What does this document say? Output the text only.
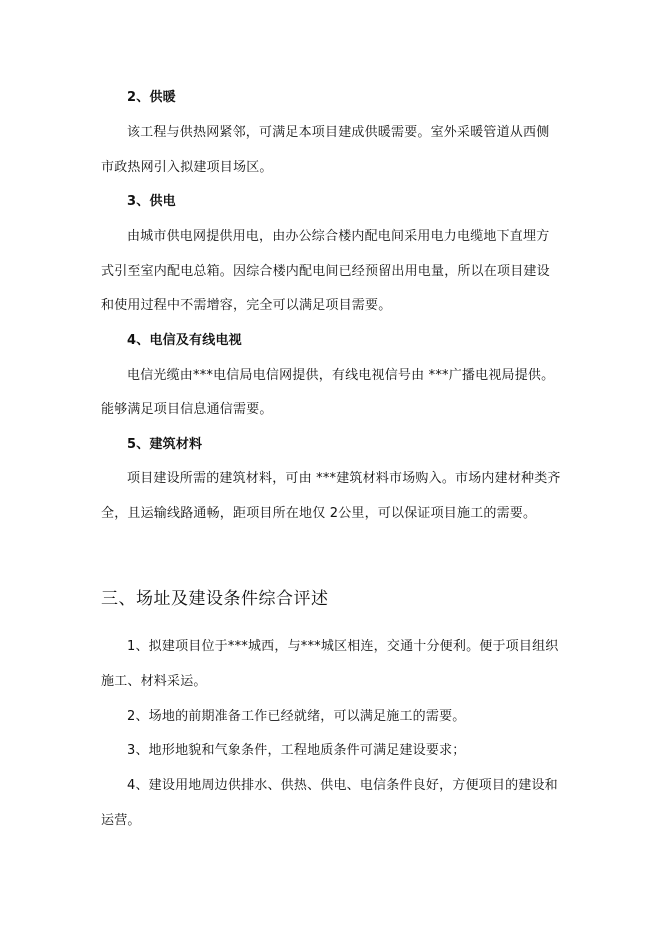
2、供暖
该工程与供热网紧邻，可满足本项目建成供暖需要。室外采暖管道从西侧
市政热网引入拟建项目场区。
3、供电
由城市供电网提供用电，由办公综合楼内配电间采用电力电缆地下直埋方
式引至室内配电总箱。因综合楼内配电间已经预留出用电量，所以在项目建设
和使用过程中不需增容，完全可以满足项目需要。
4、电信及有线电视
电信光缆由***电信局电信网提供，有线电视信号由 ***广播电视局提供。
能够满足项目信息通信需要。
5、建筑材料
项目建设所需的建筑材料，可由 ***建筑材料市场购入。市场内建材种类齐
全，且运输线路通畅，距项目所在地仅 2公里，可以保证项目施工的需要。
三、场址及建设条件综合评述
1、拟建项目位于***城西，与***城区相连，交通十分便利。便于项目组织
施工、材料采运。
2、场地的前期准备工作已经就绪，可以满足施工的需要。
3、地形地貌和气象条件，工程地质条件可满足建设要求；
4、建设用地周边供排水、供热、供电、电信条件良好，方便项目的建设和
运营。
